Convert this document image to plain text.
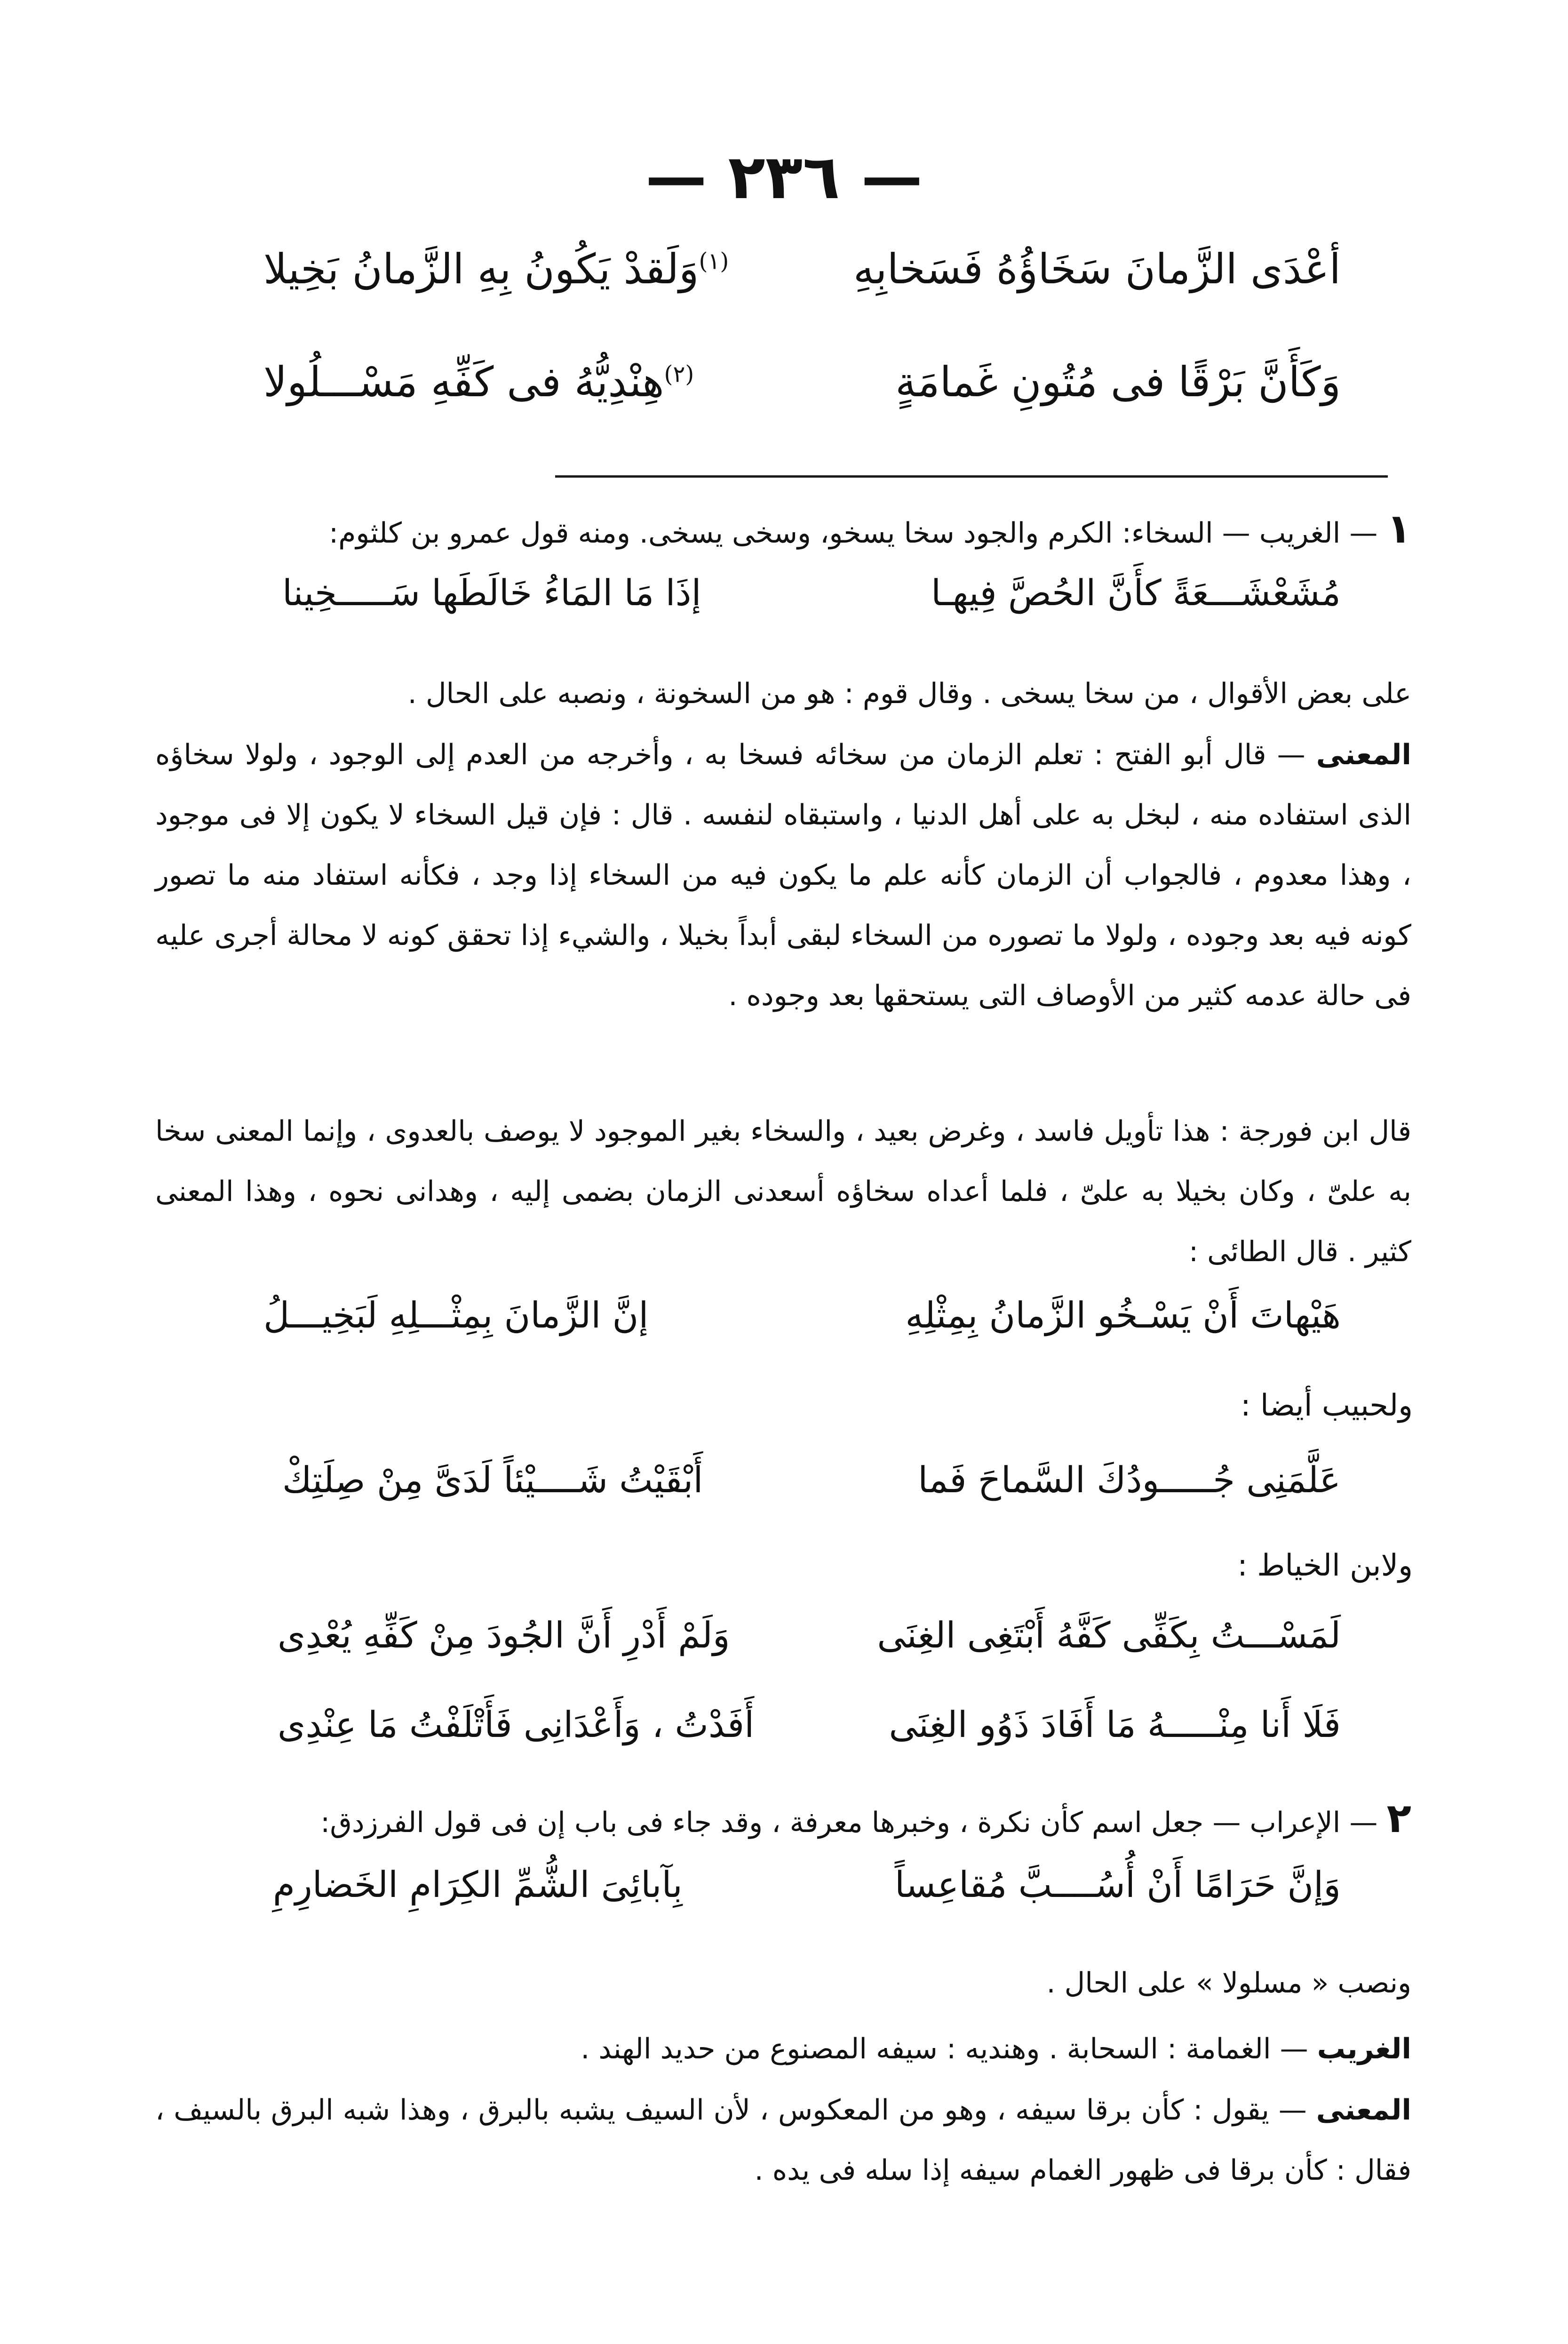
— ٢٣٦ —
أعْدَى الزَّمانَ سَخَاؤُهُ فَسَخابِهِ
$^{(١)}$وَلَقدْ يَكُونُ بِهِ الزَّمانُ بَخِيلا
وَكَأَنَّ بَرْقًا فى مُتُونِ غَمامَةٍ
$^{(٢)}$هِنْدِيُّهُ فى كَفِّهِ مَسْـــلُولا
١ — الغريب — السخاء: الكرم والجود سخا يسخو، وسخى يسخى. ومنه قول عمرو بن كلثوم:
مُشَعْشَـــعَةً كأَنَّ الحُصَّ فِيهـا
إذَا مَا المَاءُ خَالَطَها سَـــــخِينا
على بعض الأقوال ، من سخا يسخى . وقال قوم : هو من السخونة ، ونصبه على الحال .
المعنى — قال أبو الفتح : تعلم الزمان من سخائه فسخا به ، وأخرجه من العدم إلى الوجود ، ولولا سخاؤه الذى استفاده منه ، لبخل به على أهل الدنيا ، واستبقاه لنفسه . قال : فإن قيل السخاء لا يكون إلا فى موجود ، وهذا معدوم ، فالجواب أن الزمان كأنه علم ما يكون فيه من السخاء إذا وجد ، فكأنه استفاد منه ما تصور كونه فيه بعد وجوده ، ولولا ما تصوره من السخاء لبقى أبداً بخيلا ، والشيء إذا تحقق كونه لا محالة أجرى عليه فى حالة عدمه كثير من الأوصاف التى يستحقها بعد وجوده .
قال ابن فورجة : هذا تأويل فاسد ، وغرض بعيد ، والسخاء بغير الموجود لا يوصف بالعدوى ، وإنما المعنى سخا به علىّ ، وكان بخيلا به علىّ ، فلما أعداه سخاؤه أسعدنى الزمان بضمى إليه ، وهدانى نحوه ، وهذا المعنى كثير . قال الطائى :
هَيْهاتَ أَنْ يَسْـخُو الزَّمانُ بِمِثْلِهِ
إنَّ الزَّمانَ بِمِثْـــلِهِ لَبَخِيـــلُ
ولحبيب أيضا :
عَلَّمَنِى جُـــــودُكَ السَّماحَ فَما
أَبْقَيْتُ شَــــيْئاً لَدَىَّ مِنْ صِلَتِكْ
ولابن الخياط :
لَمَسْـــتُ بِكَفِّى كَفَّهُ أَبْتَغِى الغِنَى
وَلَمْ أَدْرِ أَنَّ الجُودَ مِنْ كَفِّهِ يُعْدِى
فَلَا أَنا مِنْـــــهُ مَا أَفَادَ ذَوُو الغِنَى
أَفَدْتُ ، وَأَعْدَانِى فَأَتْلَفْتُ مَا عِنْدِى
٢ — الإعراب — جعل اسم كأن نكرة ، وخبرها معرفة ، وقد جاء فى باب إن فى قول الفرزدق:
وَإنَّ حَرَامًا أَنْ أُسُــــبَّ مُقاعِساً
بِآبائِىَ الشُّمِّ الكِرَامِ الخَضارِمِ
ونصب « مسلولا » على الحال .
الغريب — الغمامة : السحابة . وهنديه : سيفه المصنوع من حديد الهند .
المعنى — يقول : كأن برقا سيفه ، وهو من المعكوس ، لأن السيف يشبه بالبرق ، وهذا شبه البرق بالسيف ، فقال : كأن برقا فى ظهور الغمام سيفه إذا سله فى يده .
